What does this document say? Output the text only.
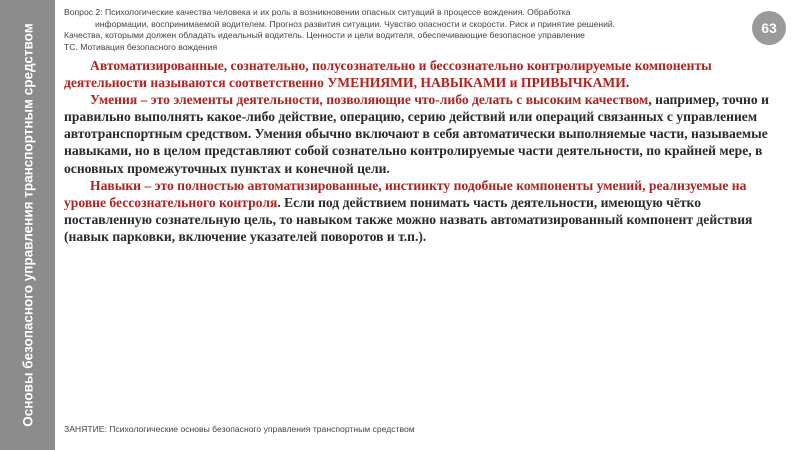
Основы безопасного управления транспортным средством
Вопрос 2: Психологические качества человека и их роль в возникновении опасных ситуаций в процессе вождения. Обработка
информации, воспринимаемой водителем. Прогноз развития ситуации. Чувство опасности и скорости. Риск и принятие решений.
Качества, которыми должен обладать идеальный водитель. Ценности и цели водителя, обеспечивающие безопасное управление
ТС. Мотивация безопасного вождения
63

Автоматизированные, сознательно, полусознательно и бессознательно контролируемые компоненты деятельности называются соответственно УМЕНИЯМИ, НАВЫКАМИ и ПРИВЫЧКАМИ.

Умения – это элементы деятельности, позволяющие что-либо делать с высоким качеством, например, точно и правильно выполнять какое-либо действие, операцию, серию действий или операций связанных с управлением автотранспортным средством. Умения обычно включают в себя автоматически выполняемые части, называемые навыками, но в целом представляют собой сознательно контролируемые части деятельности, по крайней мере, в основных промежуточных пунктах и конечной цели.

Навыки – это полностью автоматизированные, инстинкту подобные компоненты умений, реализуемые на уровне бессознательного контроля. Если под действием понимать часть деятельности, имеющую чётко поставленную сознательную цель, то навыком также можно назвать автоматизированный компонент действия (навык парковки, включение указателей поворотов и т.п.).

ЗАНЯТИЕ: Психологические основы безопасного управления транспортным средством
